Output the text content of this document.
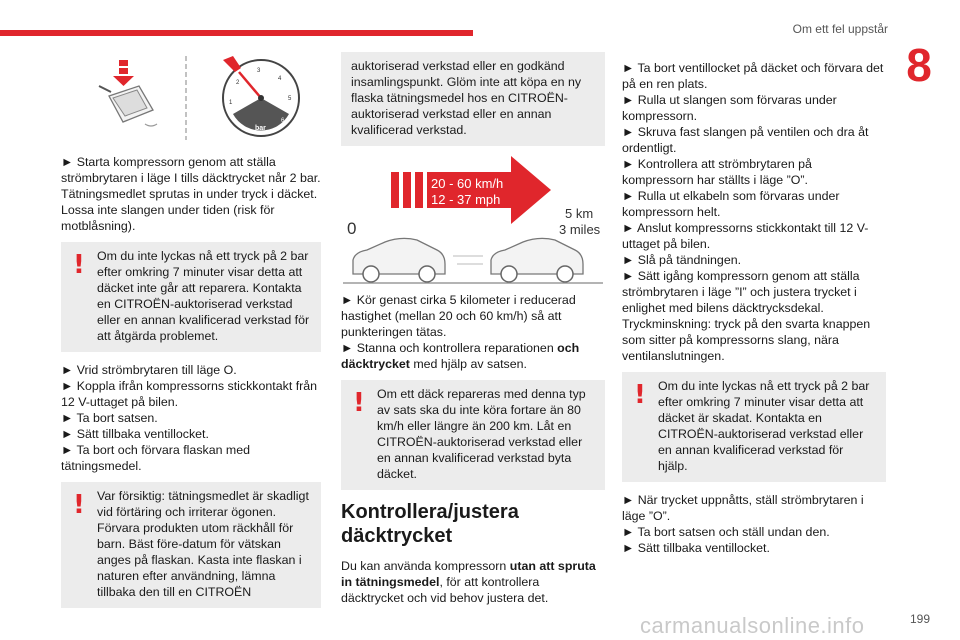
Om ett fel uppstår
8
1
2
3
4
5
6
bar

► Starta kompressorn genom att ställa strömbrytaren i läge I tills däcktrycket når 2 bar. Tätningsmedlet sprutas in under tryck i däcket. Lossa inte slangen under tiden (risk för motblåsning).

! Om du inte lyckas nå ett tryck på 2 bar efter omkring 7 minuter visar detta att däcket inte går att reparera. Kontakta en CITROËN-auktoriserad verkstad eller en annan kvalificerad verkstad för att åtgärda problemet.

► Vrid strömbrytaren till läge O.

► Koppla ifrån kompressorns stickkontakt från 12 V-uttaget på bilen.

► Ta bort satsen.

► Sätt tillbaka ventillocket.

► Ta bort och förvara flaskan med tätningsmedel.

! Var försiktig: tätningsmedlet är skadligt vid förtäring och irriterar ögonen. Förvara produkten utom räckhåll för barn. Bäst före-datum för vätskan anges på flaskan. Kasta inte flaskan i naturen efter användning, lämna tillbaka den till en CITROËN
auktoriserad verkstad eller en godkänd insamlingspunkt. Glöm inte att köpa en ny flaska tätningsmedel hos en CITROËN-auktoriserad verkstad eller en annan kvalificerad verkstad.
20 - 60 km/h
12 - 37 mph
0
5 km
3 miles

► Kör genast cirka 5 kilometer i reducerad hastighet (mellan 20 och 60 km/h) så att punkteringen tätas.

► Stanna och kontrollera reparationen och däcktrycket med hjälp av satsen.

! Om ett däck repareras med denna typ av sats ska du inte köra fortare än 80 km/h eller längre än 200 km. Låt en CITROËN-auktoriserad verkstad eller en annan kvalificerad verkstad byta däcket.
Kontrollera/justera däcktrycket

Du kan använda kompressorn utan att spruta in tätningsmedel, för att kontrollera däcktrycket och vid behov justera det.

► Ta bort ventillocket på däcket och förvara det på en ren plats.

► Rulla ut slangen som förvaras under kompressorn.

► Skruva fast slangen på ventilen och dra åt ordentligt.

► Kontrollera att strömbrytaren på kompressorn har ställts i läge ”O”.

► Rulla ut elkabeln som förvaras under kompressorn helt.

► Anslut kompressorns stickkontakt till 12 V-uttaget på bilen.

► Slå på tändningen.

► Sätt igång kompressorn genom att ställa strömbrytaren i läge ”I” och justera trycket i enlighet med bilens däcktrycksdekal. Tryckminskning: tryck på den svarta knappen som sitter på kompressorns slang, nära ventilanslutningen.

! Om du inte lyckas nå ett tryck på 2 bar efter omkring 7 minuter visar detta att däcket är skadat. Kontakta en CITROËN-auktoriserad verkstad eller en annan kvalificerad verkstad för hjälp.

► När trycket uppnåtts, ställ strömbrytaren i läge ”O”.

► Ta bort satsen och ställ undan den.

► Sätt tillbaka ventillocket.

199
carmanualsonline.info
